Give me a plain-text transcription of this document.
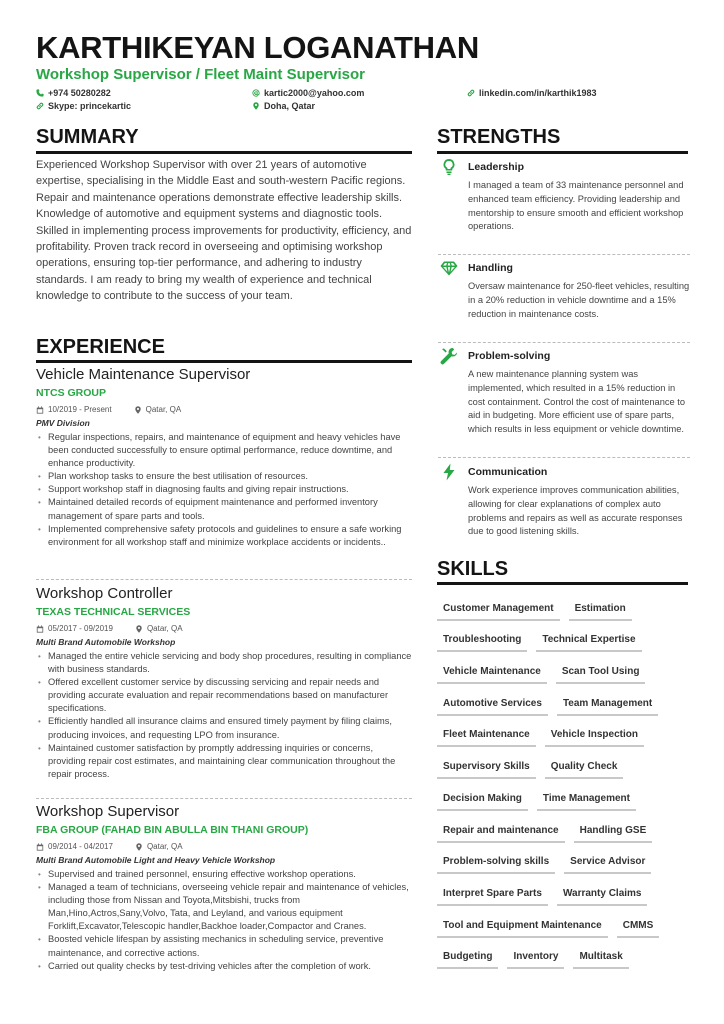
KARTHIKEYAN LOGANATHAN
Workshop Supervisor / Fleet Maint Supervisor
+974 50280282	kartic2000@yahoo.com	linkedin.com/in/karthik1983
Skype: princekartic	Doha, Qatar
SUMMARY
Experienced Workshop Supervisor with over 21 years of automotive expertise, specialising in the Middle East and south-western Pacific regions. Repair and maintenance operations demonstrate effective leadership skills. Knowledge of automotive and equipment systems and diagnostic tools. Skilled in implementing process improvements for productivity, efficiency, and profitability. Proven track record in overseeing and optimising workshop operations, ensuring top-tier performance, and adhering to industry standards. I am ready to bring my wealth of experience and technical knowledge to contribute to the success of your team.
EXPERIENCE
Vehicle Maintenance Supervisor
NTCS GROUP
10/2019 - Present	Qatar, QA
PMV Division
• Regular inspections, repairs, and maintenance of equipment and heavy vehicles have been conducted successfully to ensure optimal performance, reduce downtime, and enhance productivity.
• Plan workshop tasks to ensure the best utilisation of resources.
• Support workshop staff in diagnosing faults and giving repair instructions.
• Maintained detailed records of equipment maintenance and performed inventory management of spare parts and tools.
• Implemented comprehensive safety protocols and guidelines to ensure a safe working environment for all workshop staff and minimize workplace accidents or incidents..
Workshop Controller
TEXAS TECHNICAL SERVICES
05/2017 - 09/2019	Qatar, QA
Multi Brand Automobile Workshop
• Managed the entire vehicle servicing and body shop procedures, resulting in compliance with business standards.
• Offered excellent customer service by discussing servicing and repair needs and providing accurate evaluation and repair recommendations based on manufacturer specifications.
• Efficiently handled all insurance claims and ensured timely payment by filing claims, producing invoices, and requesting LPO from insurance.
• Maintained customer satisfaction by promptly addressing inquiries or concerns, providing repair cost estimates, and maintaining clear communication throughout the repair process.
Workshop Supervisor
FBA GROUP (FAHAD BIN ABULLA BIN THANI GROUP)
09/2014 - 04/2017	Qatar, QA
Multi Brand Automobile Light and Heavy Vehicle Workshop
• Supervised and trained personnel, ensuring effective workshop operations.
• Managed a team of technicians, overseeing vehicle repair and maintenance of vehicles, including those from Nissan and Toyota,Mitsbishi, trucks from Man,Hino,Actros,Sany,Volvo, Tata, and Leyland, and various equipment Forklift,Excavator,Telescopic handler,Backhoe loader,Compactor and Cranes.
• Boosted vehicle lifespan by assisting mechanics in scheduling service, preventive maintenance, and corrective actions.
• Carried out quality checks by test-driving vehicles after the completion of work.
STRENGTHS
Leadership
I managed a team of 33 maintenance personnel and enhanced team efficiency. Providing leadership and mentorship to ensure smooth and efficient workshop operations.
Handling
Oversaw maintenance for 250-fleet vehicles, resulting in a 20% reduction in vehicle downtime and a 15% reduction in maintenance costs.
Problem-solving
A new maintenance planning system was implemented, which resulted in a 15% reduction in cost containment. Control the cost of maintenance to aid in budgeting. More efficient use of spare parts, which results in less equipment or vehicle downtime.
Communication
Work experience improves communication abilities, allowing for clear explanations of complex auto problems and repairs as well as accurate responses due to good listening skills.
SKILLS
Customer Management	Estimation
Troubleshooting	Technical Expertise
Vehicle Maintenance	Scan Tool Using
Automotive Services	Team Management
Fleet Maintenance	Vehicle Inspection
Supervisory Skills	Quality Check
Decision Making	Time Management
Repair and maintenance	Handling GSE
Problem-solving skills	Service Advisor
Interpret Spare Parts	Warranty Claims
Tool and Equipment Maintenance	CMMS
Budgeting	Inventory	Multitask
